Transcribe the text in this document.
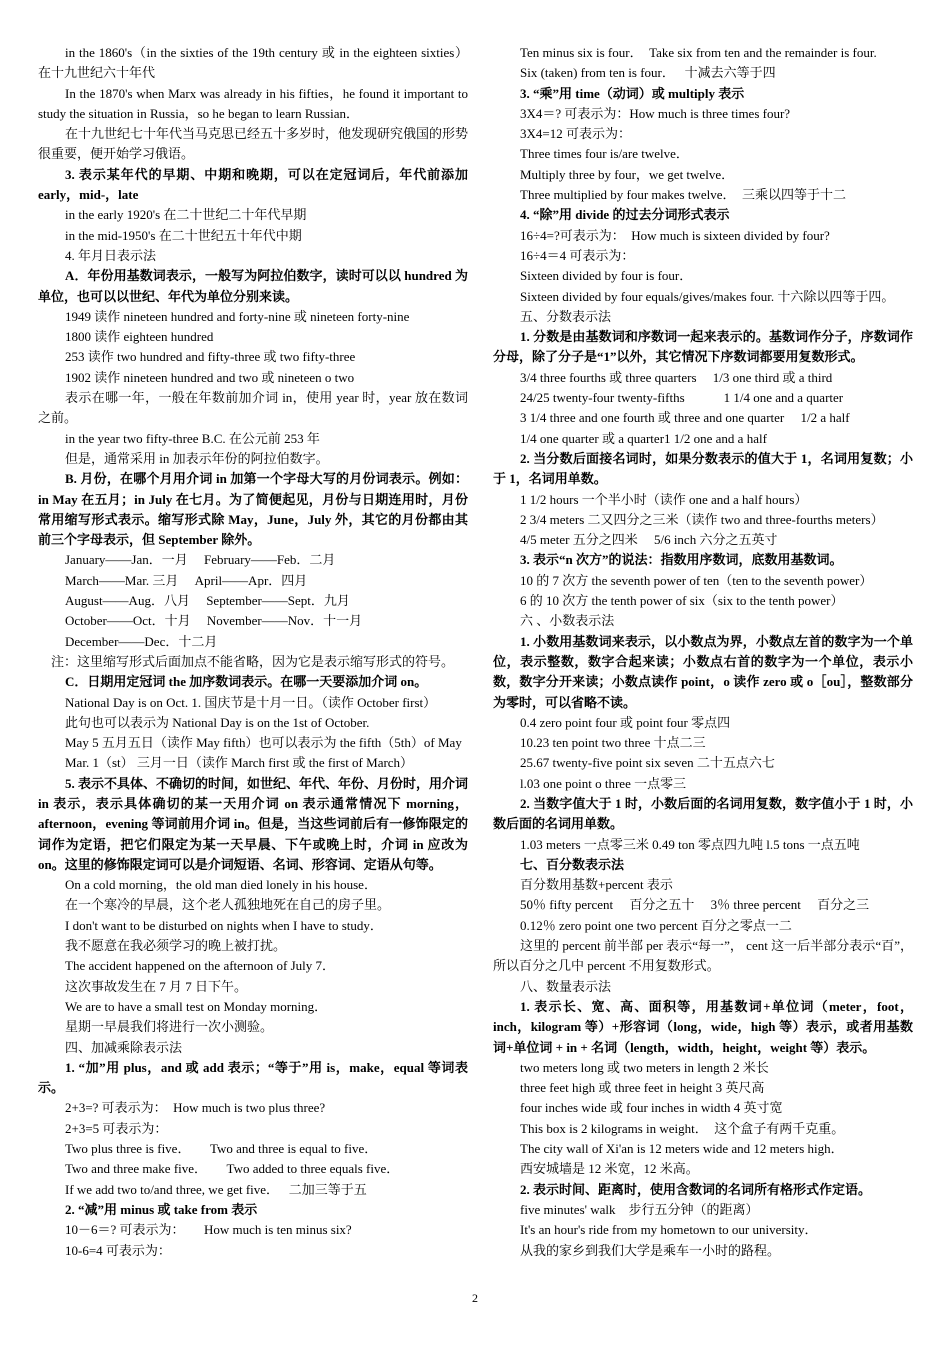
in the 1860's（in the sixties of the 19th century 或 in the eighteen sixties）在十九世纪六十年代

In the 1870's when Marx was already in his fifties，he found it important to study the situation in Russia，so he began to learn Russian．

在十九世纪七十年代当马克思已经五十多岁时，他发现研究俄国的形势很重要，便开始学习俄语。

3. 表示某年代的早期、中期和晚期，可以在定冠词后，年代前添加 early，mid-，late

in the early 1920's 在二十世纪二十年代早期

in the mid-1950's 在二十世纪五十年代中期

4. 年月日表示法

A．年份用基数词表示，一般写为阿拉伯数字，读时可以以 hundred 为单位，也可以以世纪、年代为单位分别来读。

1949 读作 nineteen hundred and forty-nine 或 nineteen forty-nine

1800 读作 eighteen hundred

253 读作 two hundred and fifty-three 或 two fifty-three

1902 读作 nineteen hundred and two 或 nineteen o two

表示在哪一年，一般在年数前加介词 in，使用 year 时，year 放在数词之前。

in the year two fifty-three B.C. 在公元前 253 年

但是，通常采用 in 加表示年份的阿拉伯数字。

B. 月份，在哪个月用介词 in 加第一个字母大写的月份词表示。例如：in May 在五月；in July 在七月。为了简便起见，月份与日期连用时，月份常用缩写形式表示。缩写形式除 May，June，July 外，其它的月份都由其前三个字母表示，但 September 除外。

January——Jan．一月　 February——Feb．二月

March——Mar. 三月　 April——Apr．四月

August——Aug．八月　 September——Sept．九月

October——Oct．十月　 November——Nov．十一月

December——Dec．十二月

注：这里缩写形式后面加点不能省略，因为它是表示缩写形式的符号。

C．日期用定冠词 the 加序数词表示。在哪一天要添加介词 on。

National Day is on Oct. 1. 国庆节是十月一日。（读作 October first）

此句也可以表示为 National Day is on the 1st of October.

May 5 五月五日（读作 May fifth）也可以表示为 the fifth（5th）of May

Mar. 1（st） 三月一日（读作 March first 或 the first of March）

5. 表示不具体、不确切的时间，如世纪、年代、年份、月份时，用介词 in 表示，表示具体确切的某一天用介词 on 表示通常情况下 morning，afternoon，evening 等词前用介词 in。但是，当这些词前后有一修饰限定的词作为定语，把它们限定为某一天早晨、下午或晚上时，介词 in 应改为 on。这里的修饰限定词可以是介词短语、名词、形容词、定语从句等。

On a cold morning，the old man died lonely in his house．

在一个寒冷的早晨，这个老人孤独地死在自己的房子里。

I don't want to be disturbed on nights when I have to study．

我不愿意在我必须学习的晚上被打扰。

The accident happened on the afternoon of July 7．

这次事故发生在 7 月 7 日下午。

We are to have a small test on Monday morning．

星期一早晨我们将进行一次小测验。

四、加减乘除表示法

1. “加”用 plus，and 或 add 表示；“等于”用 is，make，equal 等词表示。

2+3=? 可表示为：　How much is two plus three?

2+3=5 可表示为：

Two plus three is five．　　Two and three is equal to five．

Two and three make five．　　Two added to three equals five．

If we add two to/and three, we get five．　 二加三等于五

2. “减”用 minus 或 take from 表示

10－6＝? 可表示为：　　How much is ten minus six?

10-6=4 可表示为：

Ten minus six is four．　Take six from ten and the remainder is four.

Six (taken) from ten is four．　 十减去六等于四

3. “乘”用 time（动词）或 multiply 表示

3X4＝? 可表示为：How much is three times four?

3X4=12 可表示为：

Three times four is/are twelve．

Multiply three by four，we get twelve．

Three multiplied by four makes twelve．　三乘以四等于十二

4. “除”用 divide 的过去分词形式表示

16÷4=?可表示为：　How much is sixteen divided by four?

16÷4＝4 可表示为：

Sixteen divided by four is four．

Sixteen divided by four equals/gives/makes four. 十六除以四等于四。

五、分数表示法

1. 分数是由基数词和序数词一起来表示的。基数词作分子，序数词作分母，除了分子是“1”以外，其它情况下序数词都要用复数形式。

3/4 three fourths 或 three quarters　 1/3 one third 或 a third

24/25 twenty-four twenty-fifths　　　1 1/4 one and a quarter

3 1/4 three and one fourth 或 three and one quarter　 1/2 a half

1/4 one quarter 或 a quarter1 1/2 one and a half

2. 当分数后面接名词时，如果分数表示的值大于 1，名词用复数；小于 1，名词用单数。

1 1/2 hours 一个半小时（读作 one and a half hours）

2 3/4 meters 二又四分之三米（读作 two and three-fourths meters）

4/5 meter 五分之四米　 5/6 inch 六分之五英寸

3. 表示“n 次方”的说法：指数用序数词，底数用基数词。

10 的 7 次方 the seventh power of ten（ten to the seventh power）

6 的 10 次方 the tenth power of six（six to the tenth power）

六 、小数表示法

1. 小数用基数词来表示，以小数点为界，小数点左首的数字为一个单位，表示整数，数字合起来读；小数点右首的数字为一个单位，表示小数，数字分开来读；小数点读作 point，o 读作 zero 或 o［ou］，整数部分为零时，可以省略不读。

0.4 zero point four 或 point four 零点四

10.23 ten point two three 十点二三

25.67 twenty-five point six seven 二十五点六七

l.03 one point o three 一点零三

2. 当数字值大于 1 时，小数后面的名词用复数，数字值小于 1 时，小数后面的名词用单数。

1.03 meters 一点零三米 0.49 ton 零点四九吨 l.5 tons 一点五吨

七、百分数表示法

百分数用基数+percent 表示

50％ fifty percent　 百分之五十　 3％ three percent　 百分之三

0.12％ zero point one two percent 百分之零点一二

这里的 percent 前半部 per 表示“每一”， cent 这一后半部分表示“百”，所以百分之几中 percent 不用复数形式。

八、数量表示法

1. 表示长、宽、高、面积等，用基数词+单位词（meter，foot，inch，kilogram 等）+形容词（long，wide，high 等）表示，或者用基数词+单位词 + in + 名词（length，width，height，weight 等）表示。

two meters long 或 two meters in length 2 米长

three feet high 或 three feet in height 3 英尺高

four inches wide 或 four inches in width 4 英寸宽

This box is 2 kilograms in weight．　这个盒子有两千克重。

The city wall of Xi'an is 12 meters wide and 12 meters high．

西安城墙是 12 米宽，12 米高。

2. 表示时间、距离时，使用含数词的名词所有格形式作定语。

five minutes' walk　步行五分钟（的距离）

It's an hour's ride from my hometown to our university．

从我的家乡到我们大学是乘车一小时的路程。

2
